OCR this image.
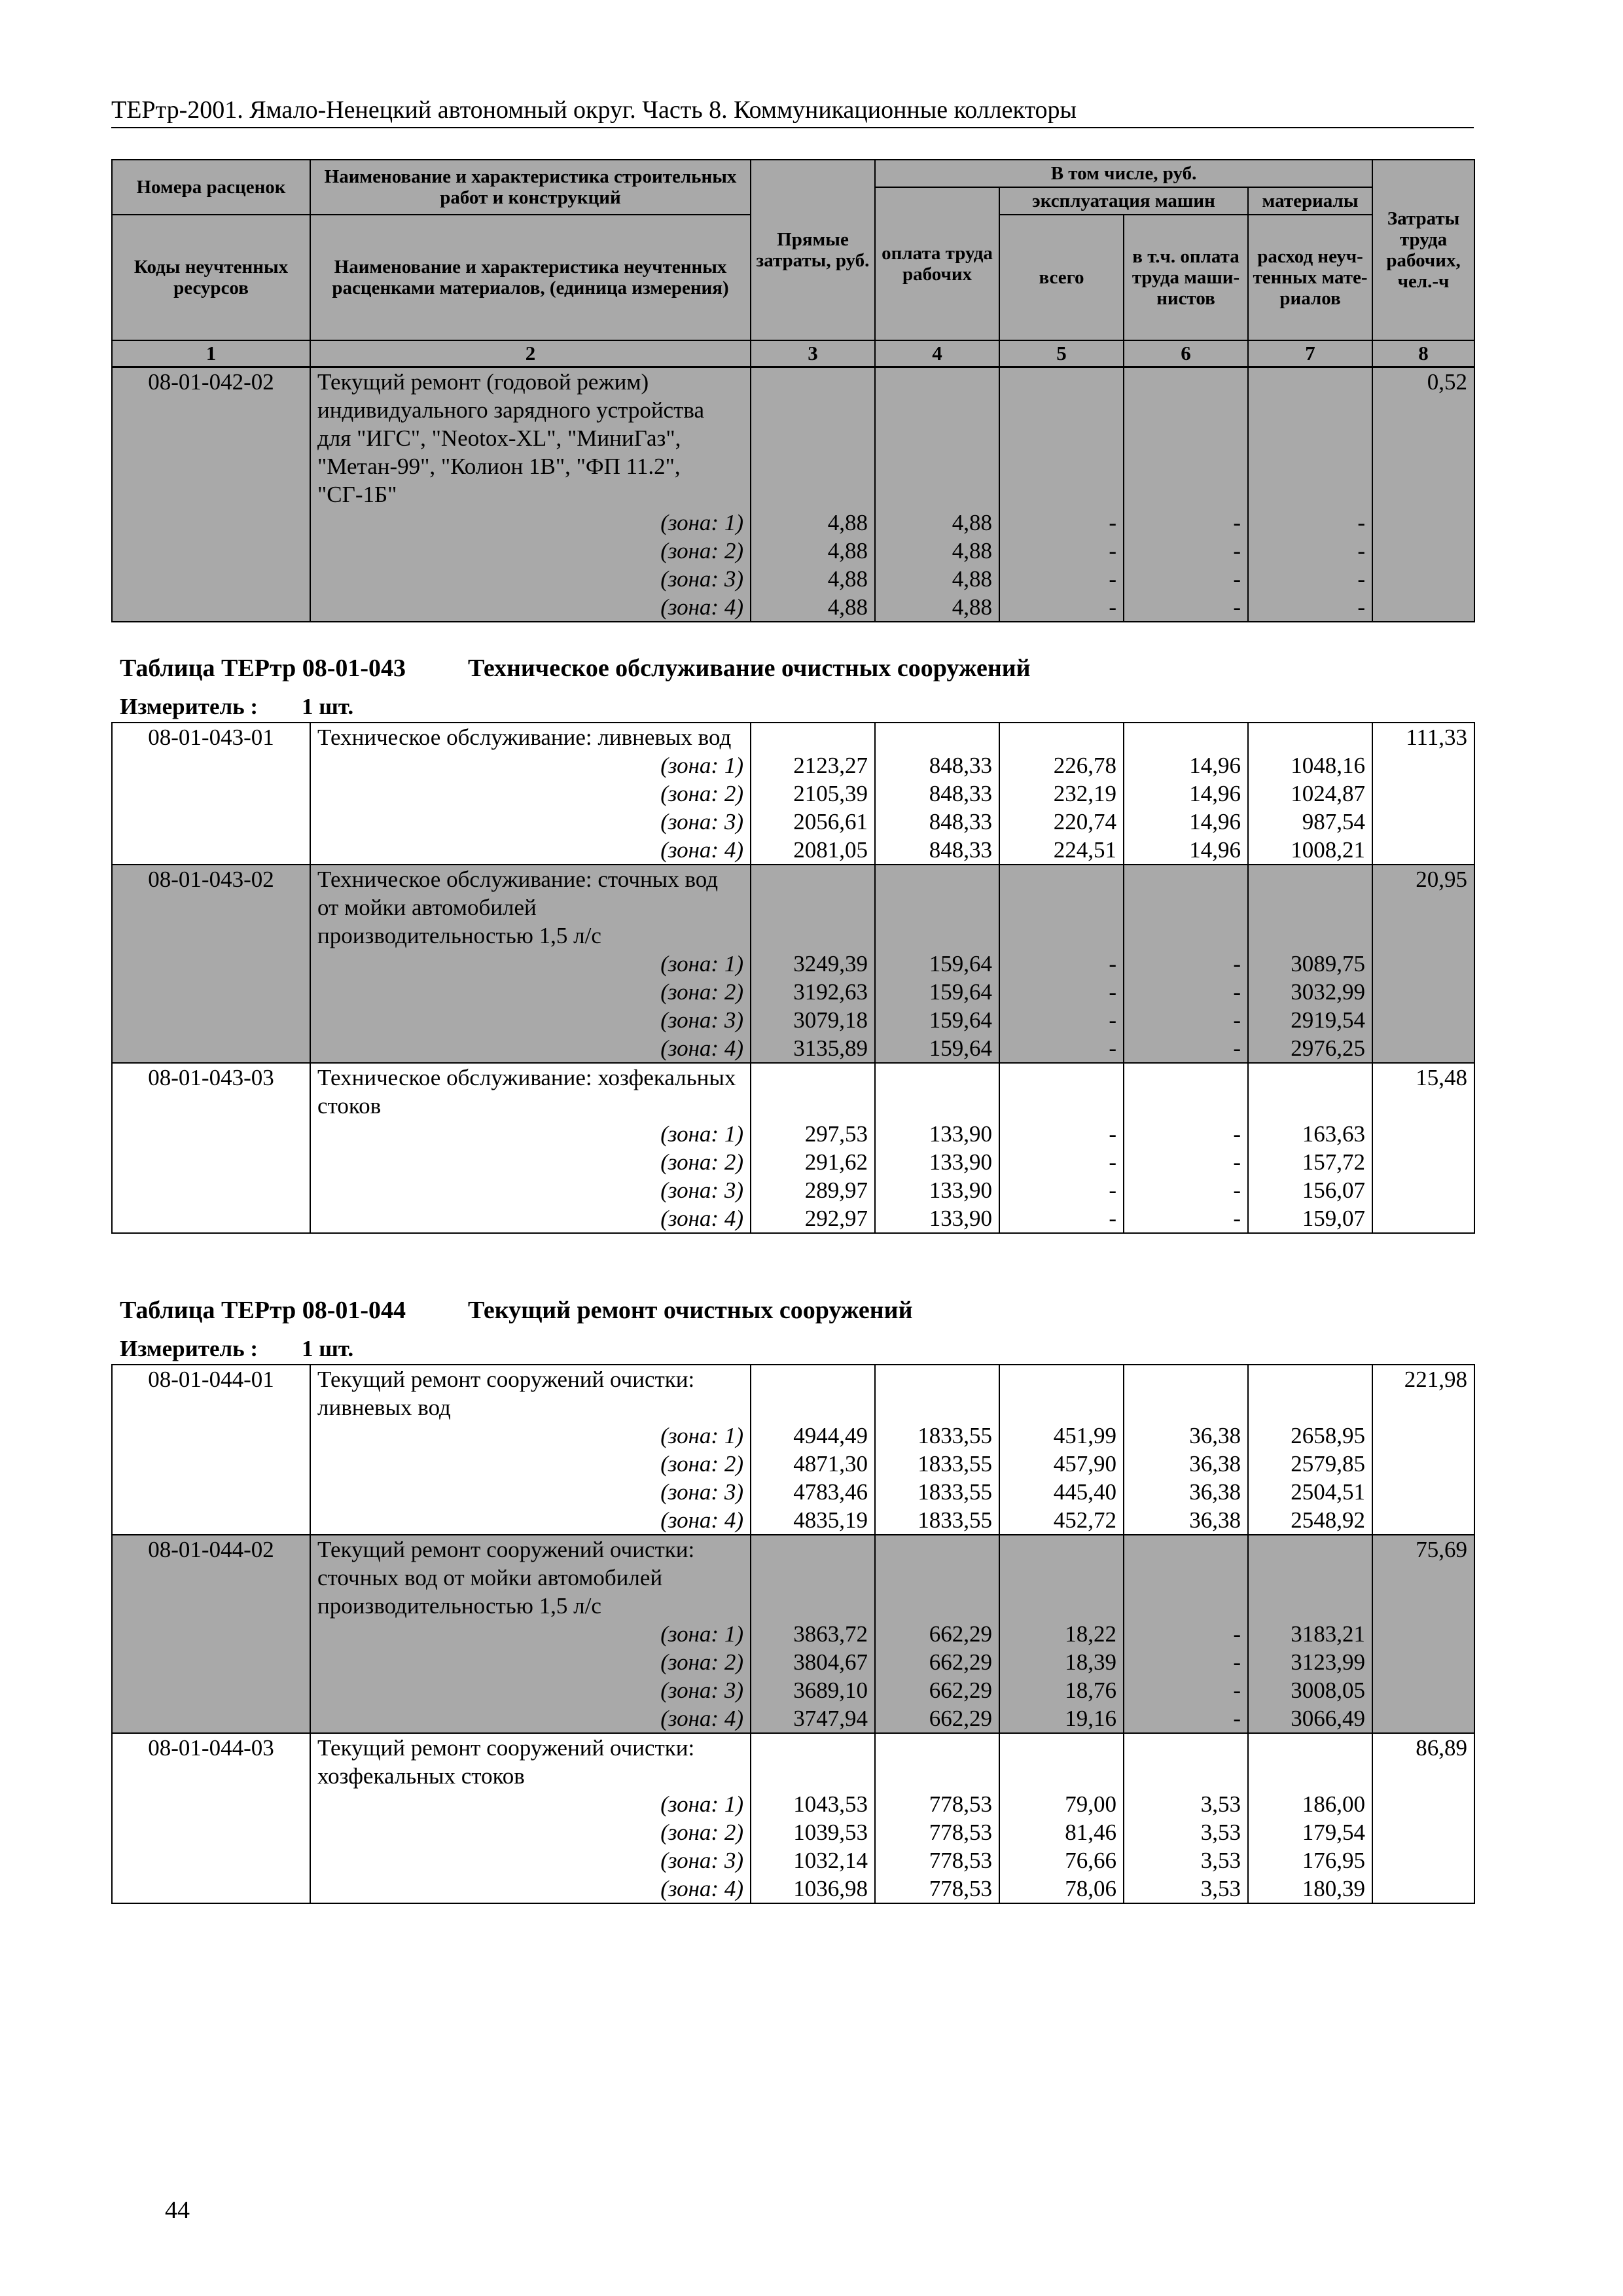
ТЕРтр-2001. Ямало-Ненецкий автономный округ. Часть 8. Коммуникационные коллекторы
Номера расценок	Наименование и характеристика строительных работ и конструкций	Прямые затраты, руб.	В том числе, руб.				Затраты труда рабочих, чел.-ч
			оплата труда рабочих	эксплуатация машин		материалы	
Коды неучтенных ресурсов	Наименование и характеристика неучтенных расценками материалов, (единица измерения)			всего	в т.ч. оплата труда маши-нистов	расход неуч-тенных мате-риалов	

1	2	3	4	5	6	7	8
08-01-042-02	Текущий ремонт (годовой режим) индивидуального зарядного устройства для "ИГС", "Neotox-XL", "МиниГаз", "Метан-99", "Колион 1В", "ФП 11.2", "СГ-1Б"						0,52
	(зона: 1)	4,88	4,88	-	-	-	
	(зона: 2)	4,88	4,88	-	-	-	
	(зона: 3)	4,88	4,88	-	-	-	
	(зона: 4)	4,88	4,88	-	-	-	
Таблица ТЕРтр 08-01-043 Техническое обслуживание очистных сооружений
Измеритель : 1 шт.
08-01-043-01	Техническое обслуживание: ливневых вод						111,33
	(зона: 1)	2123,27	848,33	226,78	14,96	1048,16	
	(зона: 2)	2105,39	848,33	232,19	14,96	1024,87	
	(зона: 3)	2056,61	848,33	220,74	14,96	987,54	
	(зона: 4)	2081,05	848,33	224,51	14,96	1008,21	
08-01-043-02	Техническое обслуживание: сточных вод от мойки автомобилей производительностью 1,5 л/с						20,95
	(зона: 1)	3249,39	159,64	-	-	3089,75	
	(зона: 2)	3192,63	159,64	-	-	3032,99	
	(зона: 3)	3079,18	159,64	-	-	2919,54	
	(зона: 4)	3135,89	159,64	-	-	2976,25	
08-01-043-03	Техническое обслуживание: хозфекальных стоков						15,48
	(зона: 1)	297,53	133,90	-	-	163,63	
	(зона: 2)	291,62	133,90	-	-	157,72	
	(зона: 3)	289,97	133,90	-	-	156,07	
	(зона: 4)	292,97	133,90	-	-	159,07	
Таблица ТЕРтр 08-01-044 Текущий ремонт очистных сооружений
Измеритель : 1 шт.
08-01-044-01	Текущий ремонт сооружений очистки: ливневых вод						221,98
	(зона: 1)	4944,49	1833,55	451,99	36,38	2658,95	
	(зона: 2)	4871,30	1833,55	457,90	36,38	2579,85	
	(зона: 3)	4783,46	1833,55	445,40	36,38	2504,51	
	(зона: 4)	4835,19	1833,55	452,72	36,38	2548,92	
08-01-044-02	Текущий ремонт сооружений очистки: сточных вод от мойки автомобилей производительностью 1,5 л/с						75,69
	(зона: 1)	3863,72	662,29	18,22	-	3183,21	
	(зона: 2)	3804,67	662,29	18,39	-	3123,99	
	(зона: 3)	3689,10	662,29	18,76	-	3008,05	
	(зона: 4)	3747,94	662,29	19,16	-	3066,49	
08-01-044-03	Текущий ремонт сооружений очистки: хозфекальных стоков						86,89
	(зона: 1)	1043,53	778,53	79,00	3,53	186,00	
	(зона: 2)	1039,53	778,53	81,46	3,53	179,54	
	(зона: 3)	1032,14	778,53	76,66	3,53	176,95	
	(зона: 4)	1036,98	778,53	78,06	3,53	180,39	
44
